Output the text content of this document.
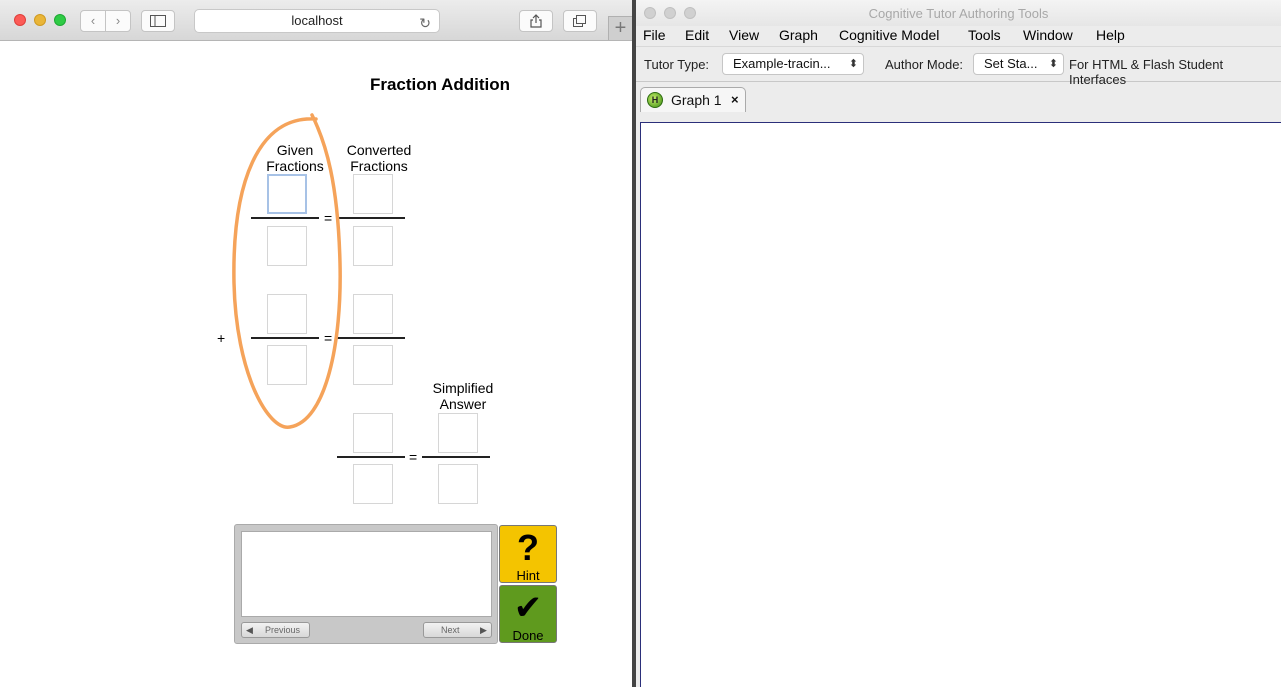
‹	›	localhost	↻	+
Fraction Addition
Given
Fractions
Converted
Fractions
Simplified
Answer
=
+	=
=
◀ Previous	Next ▶
?
Hint
✔
Done
Cognitive Tutor Authoring Tools
File Edit View Graph Cognitive Model Tools Window Help
Tutor Type:	Example-tracin... ⬍ Author Mode:	Set Sta... ⬍ For HTML & Flash Student Interfaces
H Graph 1 ×
